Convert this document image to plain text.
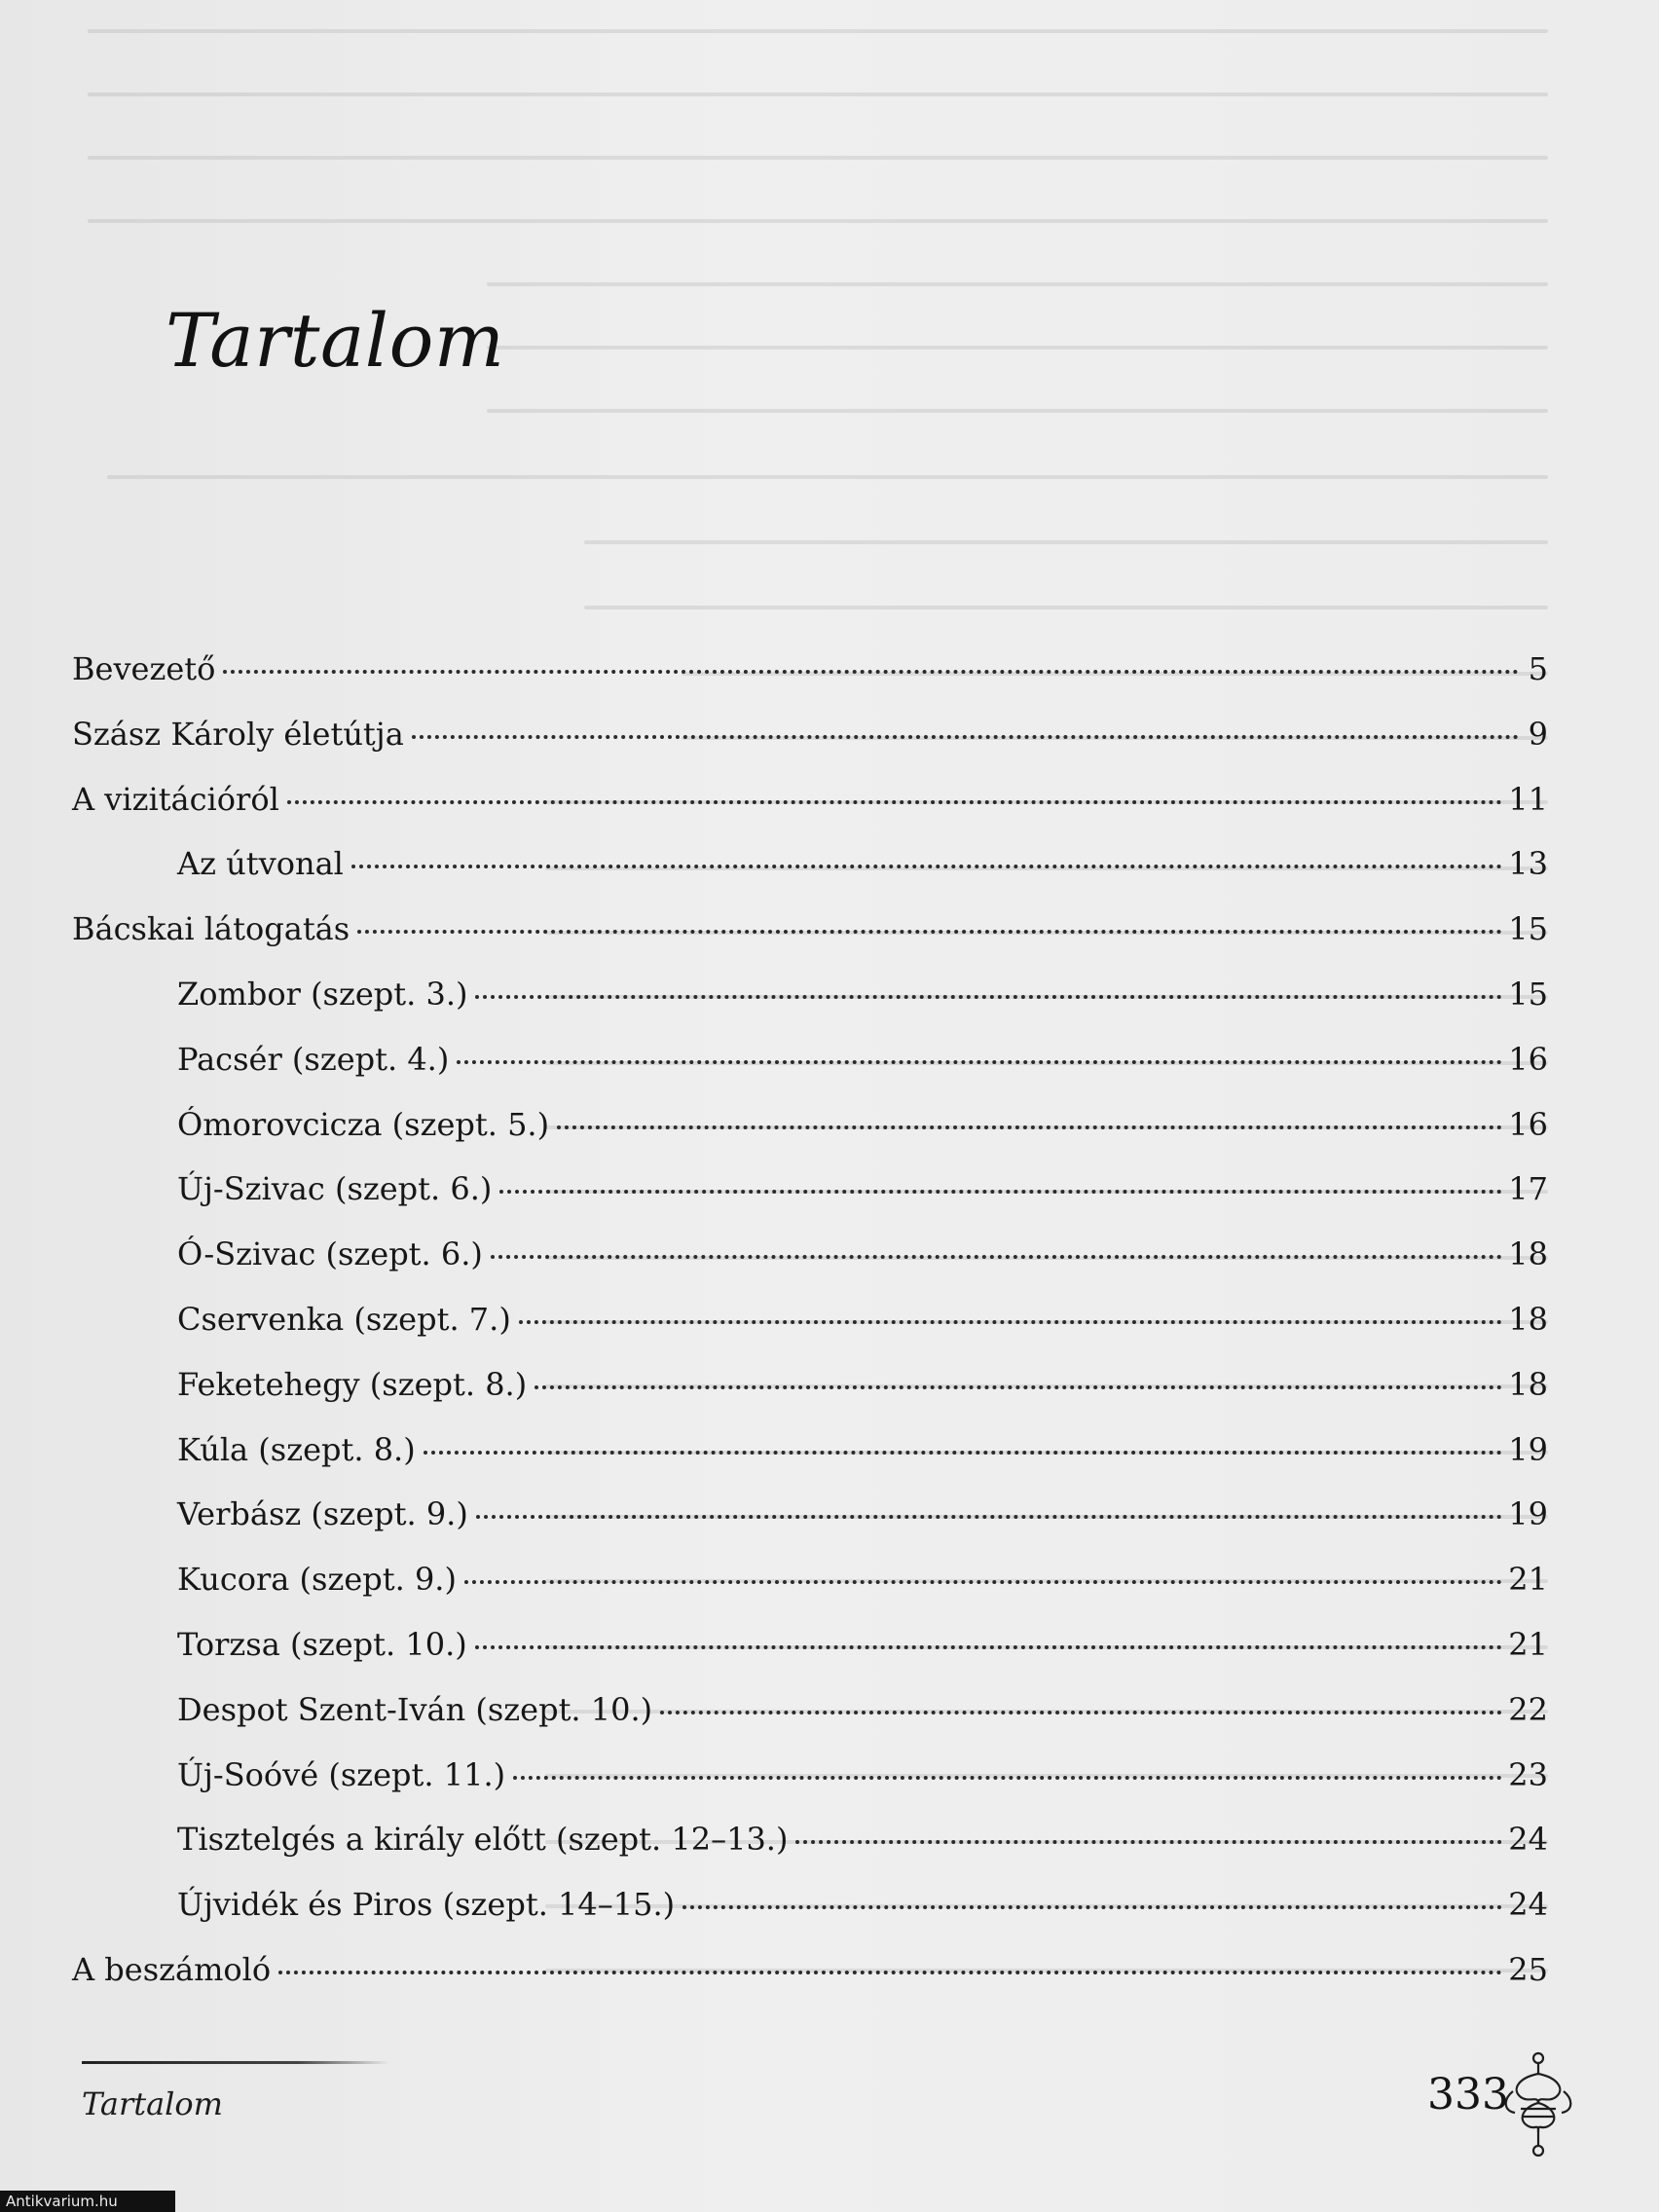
Tartalom
Bevezető	5
Szász Károly életútja	9
A vizitációról	11
Az útvonal	13
Bácskai látogatás	15
Zombor (szept. 3.)	15
Pacsér (szept. 4.)	16
Ómorovcicza (szept. 5.)	16
Új-Szivac (szept. 6.)	17
Ó-Szivac (szept. 6.)	18
Cservenka (szept. 7.)	18
Feketehegy (szept. 8.)	18
Kúla (szept. 8.)	19
Verbász (szept. 9.)	19
Kucora (szept. 9.)	21
Torzsa (szept. 10.)	21
Despot Szent-Iván (szept. 10.)	22
Új-Soóvé (szept. 11.)	23
Tisztelgés a király előtt (szept. 12–13.)	24
Újvidék és Piros (szept. 14–15.)	24
A beszámoló	25
Tartalom	333
Antikvarium.hu
